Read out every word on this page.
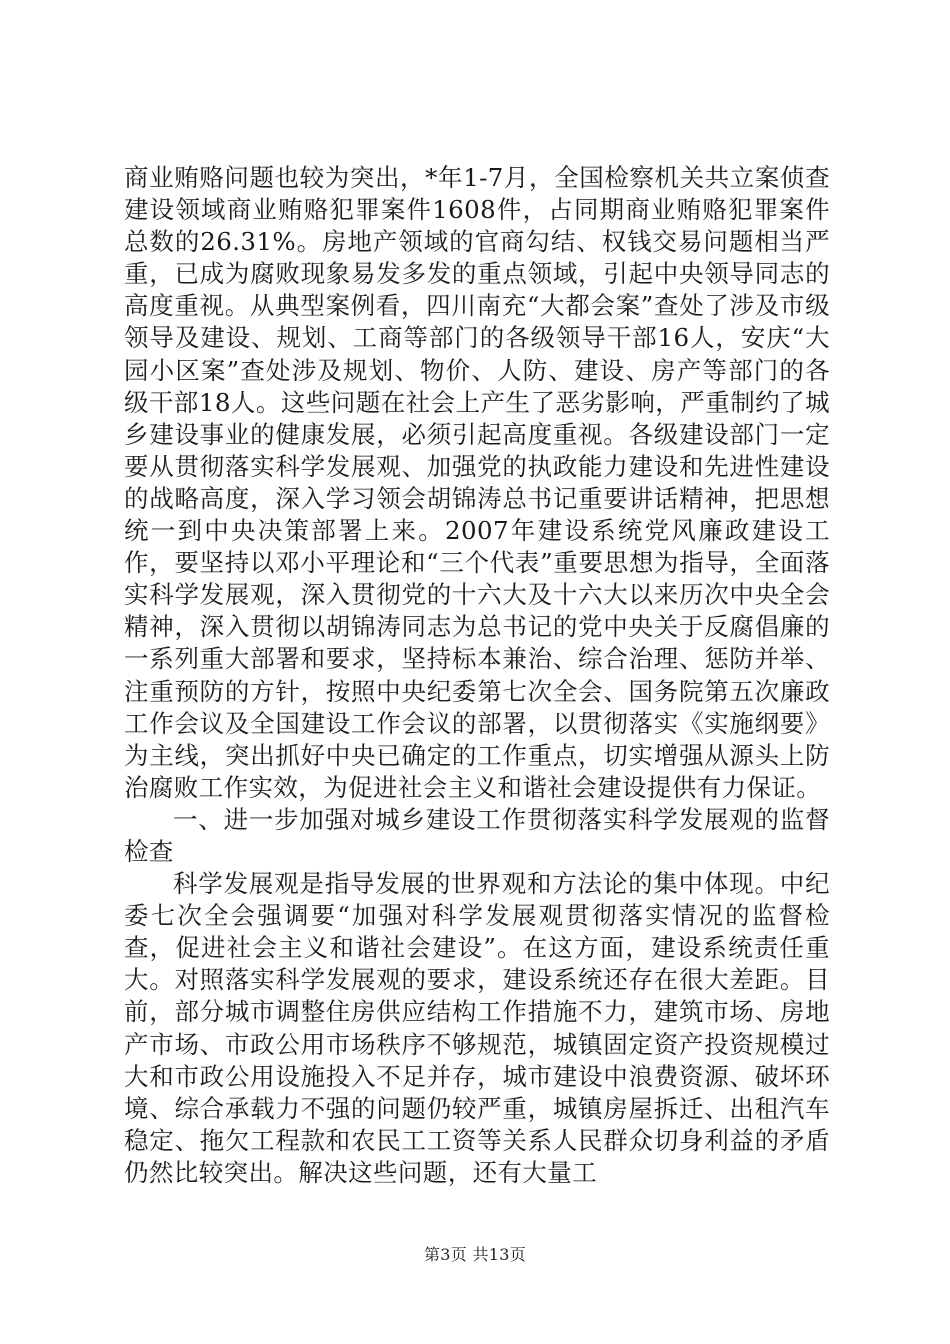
商业贿赂问题也较为突出，*年1-7月，全国检察机关共立案侦查建设领域商业贿赂犯罪案件1608件，占同期商业贿赂犯罪案件总数的26.31%。房地产领域的官商勾结、权钱交易问题相当严重，已成为腐败现象易发多发的重点领域，引起中央领导同志的高度重视。从典型案例看，四川南充“大都会案”查处了涉及市级领导及建设、规划、工商等部门的各级领导干部16人，安庆“大园小区案”查处涉及规划、物价、人防、建设、房产等部门的各级干部18人。这些问题在社会上产生了恶劣影响，严重制约了城乡建设事业的健康发展，必须引起高度重视。各级建设部门一定要从贯彻落实科学发展观、加强党的执政能力建设和先进性建设的战略高度，深入学习领会胡锦涛总书记重要讲话精神，把思想统一到中央决策部署上来。2007年建设系统党风廉政建设工作，要坚持以邓小平理论和“三个代表”重要思想为指导，全面落实科学发展观，深入贯彻党的十六大及十六大以来历次中央全会精神，深入贯彻以胡锦涛同志为总书记的党中央关于反腐倡廉的一系列重大部署和要求，坚持标本兼治、综合治理、惩防并举、注重预防的方针，按照中央纪委第七次全会、国务院第五次廉政工作会议及全国建设工作会议的部署，以贯彻落实《实施纲要》为主线，突出抓好中央已确定的工作重点，切实增强从源头上防治腐败工作实效，为促进社会主义和谐社会建设提供有力保证。

一、进一步加强对城乡建设工作贯彻落实科学发展观的监督检查

科学发展观是指导发展的世界观和方法论的集中体现。中纪委七次全会强调要“加强对科学发展观贯彻落实情况的监督检查，促进社会主义和谐社会建设”。在这方面，建设系统责任重大。对照落实科学发展观的要求，建设系统还存在很大差距。目前，部分城市调整住房供应结构工作措施不力，建筑市场、房地产市场、市政公用市场秩序不够规范，城镇固定资产投资规模过大和市政公用设施投入不足并存，城市建设中浪费资源、破坏环境、综合承载力不强的问题仍较严重，城镇房屋拆迁、出租汽车稳定、拖欠工程款和农民工工资等关系人民群众切身利益的矛盾仍然比较突出。解决这些问题，还有大量工

第3页 共13页
